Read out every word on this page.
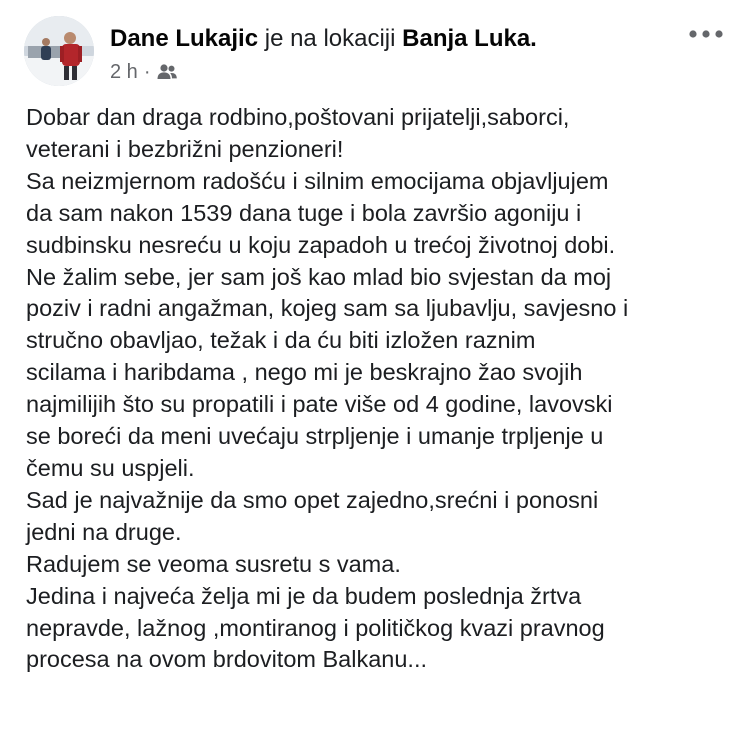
Dane Lukajic je na lokaciji Banja Luka.
2 h ·
Dobar dan draga rodbino,poštovani prijatelji,saborci,
veterani i bezbrižni penzioneri!
Sa neizmjernom radošću i silnim emocijama objavljujem
da sam nakon 1539 dana tuge i bola završio agoniju i
sudbinsku nesreću u koju zapadoh u trećoj životnoj dobi.
Ne žalim sebe, jer sam još kao mlad bio svjestan da moj
poziv i radni angažman, kojeg sam sa ljubavlju, savjesno i
stručno obavljao, težak i da ću biti izložen raznim
scilama i haribdama , nego mi je beskrajno žao svojih
najmilijih što su propatili i pate više od 4 godine, lavovski
se boreći da meni uvećaju strpljenje i umanje trpljenje u
čemu su uspjeli.
Sad je najvažnije da smo opet zajedno,srećni i ponosni
jedni na druge.
Radujem se veoma susretu s vama.
Jedina i najveća želja mi je da budem poslednja žrtva
nepravde, lažnog ,montiranog i političkog kvazi pravnog
procesa na ovom brdovitom Balkanu...
